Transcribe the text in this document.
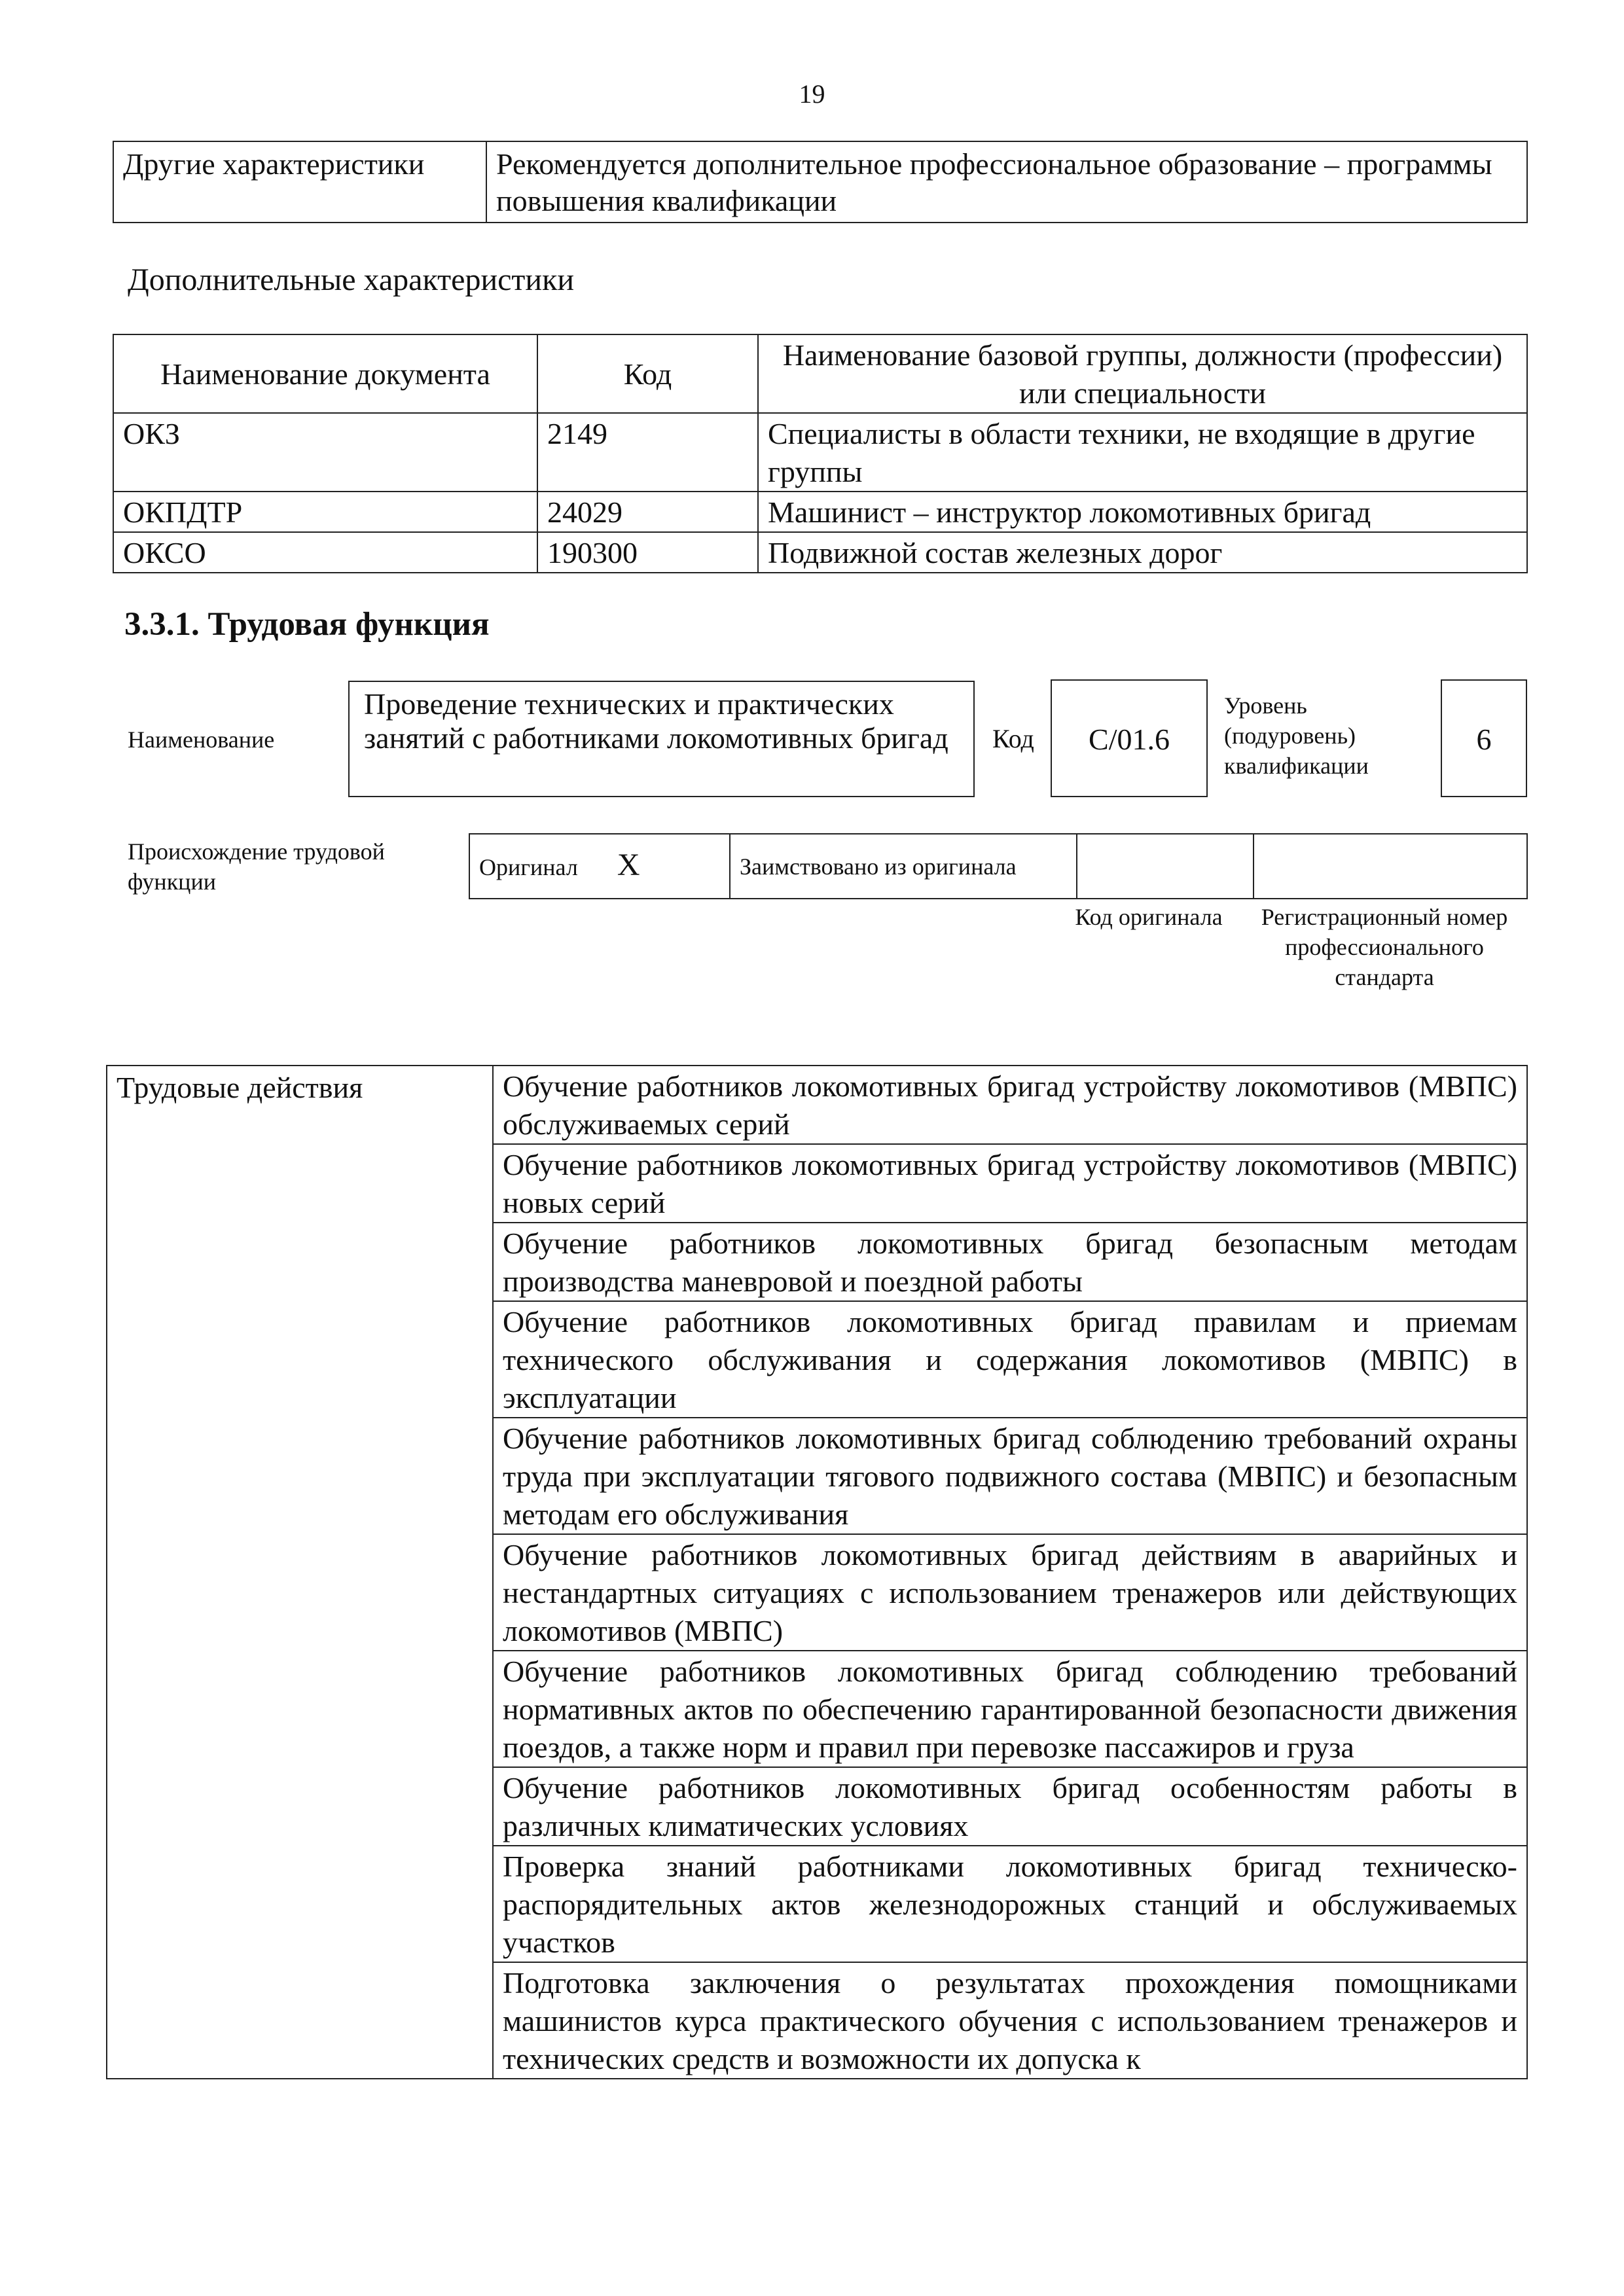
19
Другие характеристики	Рекомендуется дополнительное профессиональное образование – программы повышения квалификации
Дополнительные характеристики
Наименование документа	Код	Наименование базовой группы, должности (профессии) или специальности
ОКЗ	2149	Специалисты в области техники, не входящие в другие группы
ОКПДТР	24029	Машинист – инструктор локомотивных бригад
ОКСО	190300	Подвижной состав железных дорог
3.3.1. Трудовая функция
Наименование
Проведение технических и практических занятий с работниками локомотивных бригад	Код	C/01.6
Уровень (подуровень) квалификации
6
Происхождение трудовой функции
Оригинал X	Заимствовано из оригинала		
Код оригинала	Регистрационный номер профессионального стандарта
Трудовые действия	Обучение работников локомотивных бригад устройству локомотивов (МВПС) обслуживаемых серий
Обучение работников локомотивных бригад устройству локомотивов (МВПС) новых серий
Обучение работников локомотивных бригад безопасным методам производства маневровой и поездной работы
Обучение работников локомотивных бригад правилам и приемам технического обслуживания и содержания локомотивов (МВПС) в эксплуатации
Обучение работников локомотивных бригад соблюдению требований охраны труда при эксплуатации тягового подвижного состава (МВПС) и безопасным методам его обслуживания
Обучение работников локомотивных бригад действиям в аварийных и нестандартных ситуациях с использованием тренажеров или действующих локомотивов (МВПС)
Обучение работников локомотивных бригад соблюдению требований нормативных актов по обеспечению гарантированной безопасности движения поездов, а также норм и правил при перевозке пассажиров и груза
Обучение работников локомотивных бригад особенностям работы в различных климатических условиях
Проверка знаний работниками локомотивных бригад техническо-распорядительных актов железнодорожных станций и обслуживаемых участков
Подготовка заключения о результатах прохождения помощниками машинистов курса практического обучения с использованием тренажеров и технических средств и возможности их допуска к
